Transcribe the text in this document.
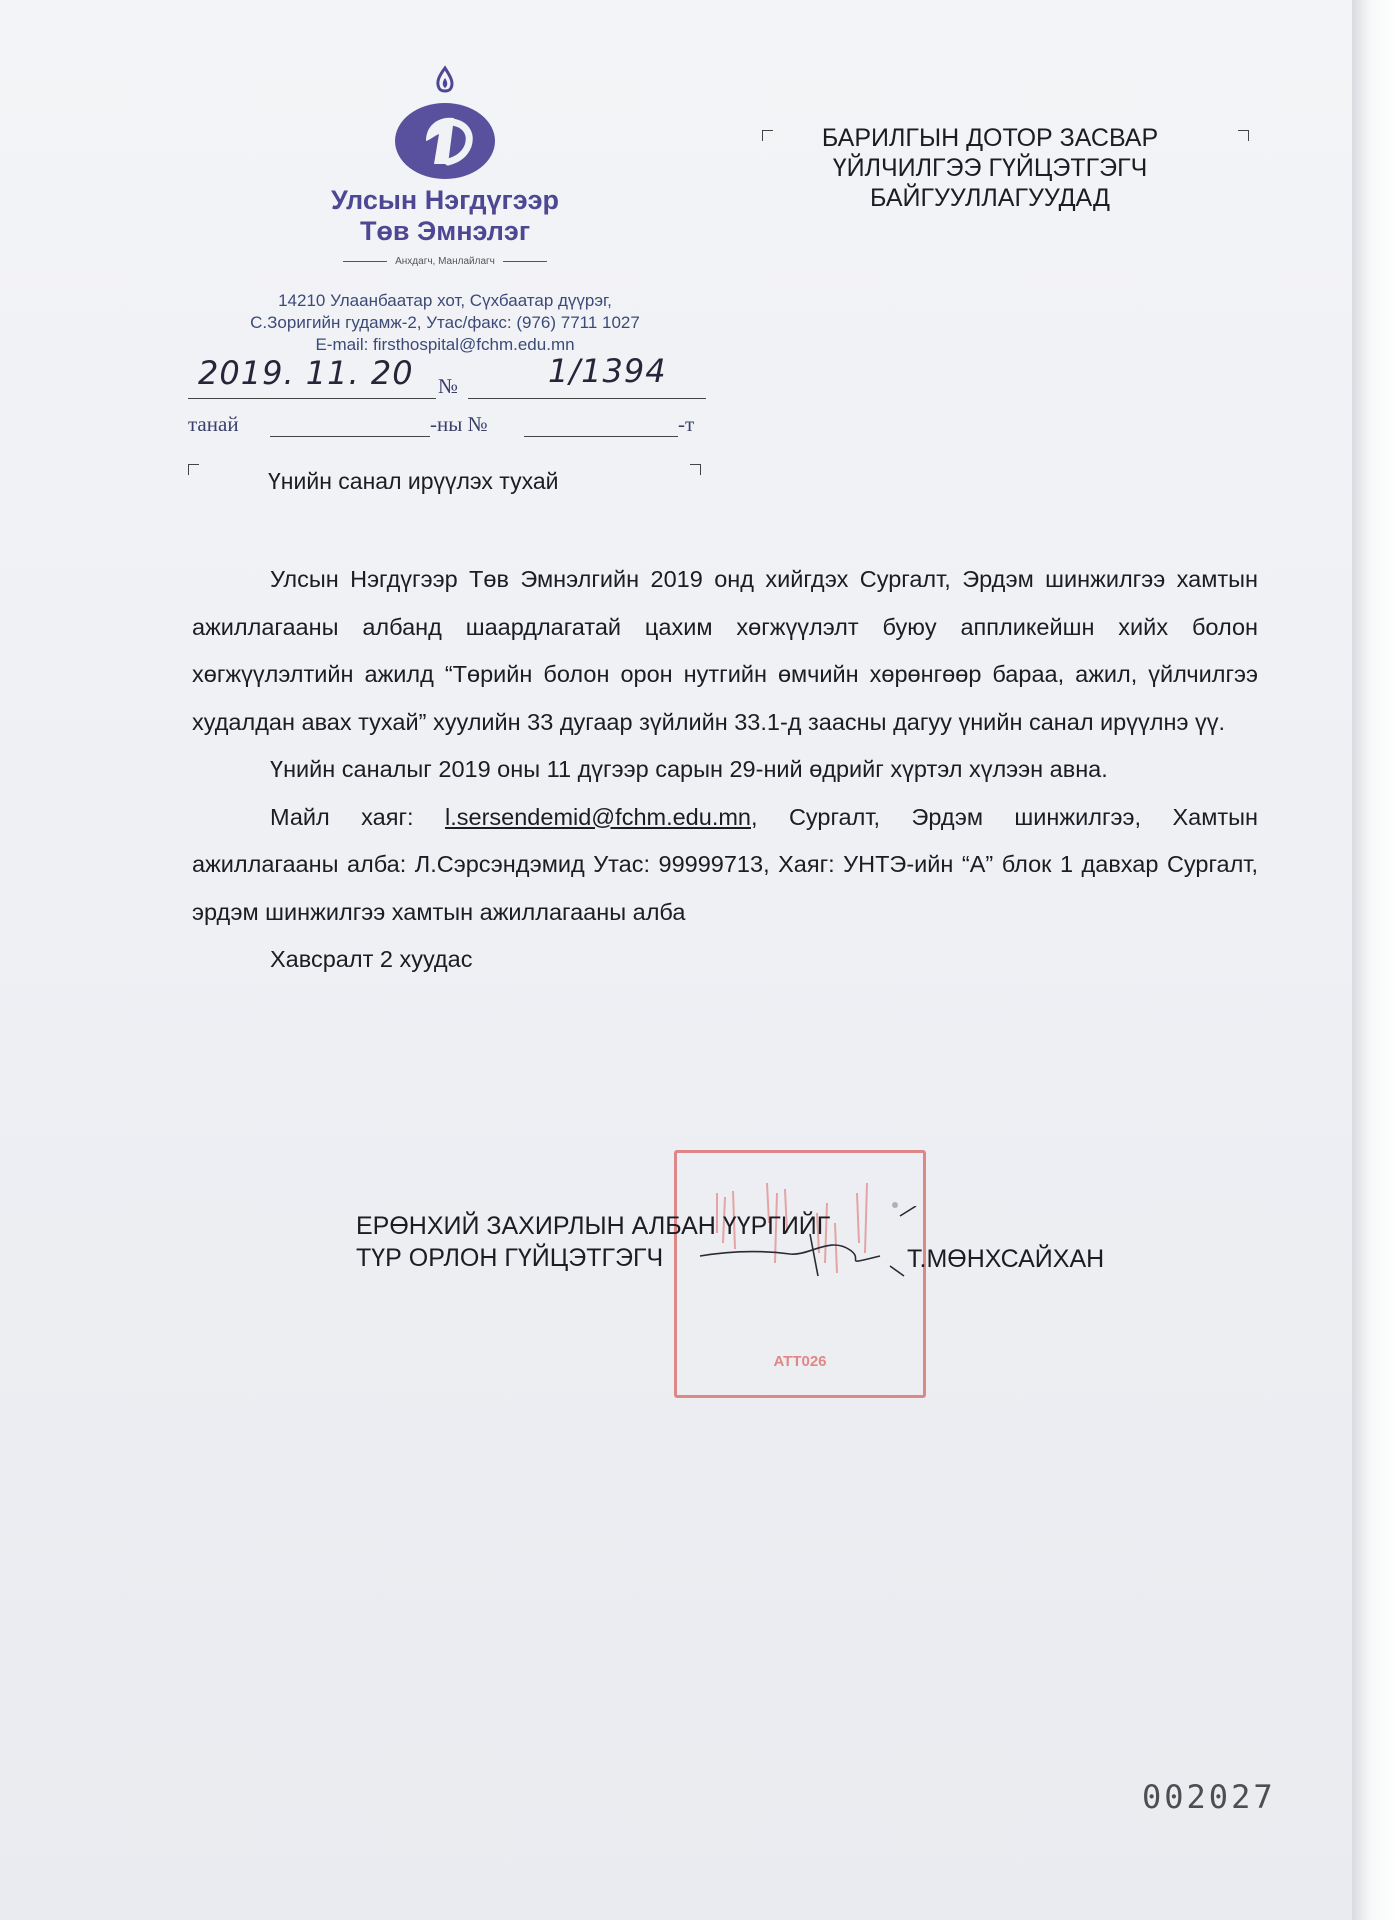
Улсын Нэгдүгээр
Төв Эмнэлэг
Анхдагч, Манлайлагч
14210 Улаанбаатар хот, Сүхбаатар дүүрэг,
С.Зоригийн гудамж-2, Утас/факс: (976) 7711 1027
E-mail: firsthospital@fchm.edu.mn
2019. 11. 20 №	1/1394
танай	-ны №	-т
БАРИЛГЫН ДОТОР ЗАСВАР
ҮЙЛЧИЛГЭЭ ГҮЙЦЭТГЭГЧ
БАЙГУУЛЛАГУУДАД
Үнийн санал ирүүлэх тухай

Улсын Нэгдүгээр Төв Эмнэлгийн 2019 онд хийгдэх Сургалт, Эрдэм шинжилгээ хамтын ажиллагааны албанд шаардлагатай цахим хөгжүүлэлт буюу аппликейшн хийх болон хөгжүүлэлтийн ажилд “Төрийн болон орон нутгийн өмчийн хөрөнгөөр бараа, ажил, үйлчилгээ худалдан авах тухай” хуулийн 33 дугаар зүйлийн 33.1-д заасны дагуу үнийн санал ирүүлнэ үү.

Үнийн саналыг 2019 оны 11 дүгээр сарын 29-ний өдрийг хүртэл хүлээн авна.

Майл хаяг: l.sersendemid@fchm.edu.mn, Сургалт, Эрдэм шинжилгээ, Хамтын ажиллагааны алба: Л.Сэрсэндэмид Утас: 99999713, Хаяг: УНТЭ-ийн “А” блок 1 давхар Сургалт, эрдэм шинжилгээ хамтын ажиллагааны алба

Хавсралт 2 хуудас

ATT026
ЕРӨНХИЙ ЗАХИРЛЫН АЛБАН ҮҮРГИЙГ
ТҮР ОРЛОН ГҮЙЦЭТГЭГЧ	Т.МӨНХСАЙХАН
002027
